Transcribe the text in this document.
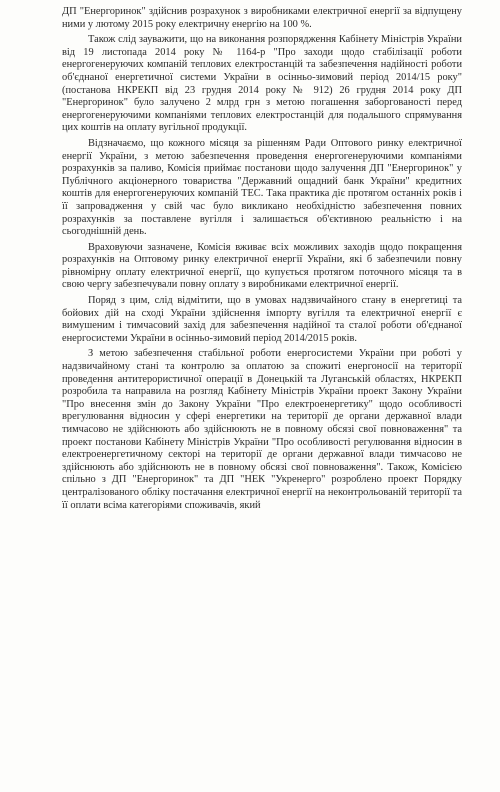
ДП "Енергоринок" здійснив розрахунок з виробниками електричної енергії за відпущену ними у лютому 2015 року електричну енергію на 100 %.

Також слід зауважити, що на виконання розпорядження Кабінету Міністрів України від 19 листопада 2014 року № 1164-р "Про заходи щодо стабілізації роботи енергогенеруючих компаній теплових електростанцій та забезпечення надійності роботи об'єднаної енергетичної системи України в осінньо-зимовий період 2014/15 року" (постанова НКРЕКП від 23 грудня 2014 року № 912) 26 грудня 2014 року ДП "Енергоринок" було залучено 2 млрд грн з метою погашення заборгованості перед енергогенеруючими компаніями теплових електростанцій для подальшого спрямування цих коштів на оплату вугільної продукції.

Відзначаємо, що кожного місяця за рішенням Ради Оптового ринку електричної енергії України, з метою забезпечення проведення енергогенеруючими компаніями розрахунків за паливо, Комісія приймає постанови щодо залучення ДП "Енергоринок" у Публічного акціонерного товариства "Державний ощадний банк України" кредитних коштів для енергогенеруючих компаній ТЕС. Така практика діє протягом останніх років і її запровадження у свій час було викликано необхідністю забезпечення повних розрахунків за поставлене вугілля і залишається об'єктивною реальністю і на сьогоднішній день.

Враховуючи зазначене, Комісія вживає всіх можливих заходів щодо покращення розрахунків на Оптовому ринку електричної енергії України, які б забезпечили повну рівномірну оплату електричної енергії, що купується протягом поточного місяця та в свою чергу забезпечували повну оплату з виробниками електричної енергії.

Поряд з цим, слід відмітити, що в умовах надзвичайного стану в енергетиці та бойових дій на сході України здійснення імпорту вугілля та електричної енергії є вимушеним і тимчасовий захід для забезпечення надійної та сталої роботи об'єднаної енергосистеми України в осінньо-зимовий період 2014/2015 років.

З метою забезпечення стабільної роботи енергосистеми України при роботі у надзвичайному стані та контролю за оплатою за спожиті енергоносії на території проведення антитерористичної операції в Донецькій та Луганській областях, НКРЕКП розробила та направила на розгляд Кабінету Міністрів України проект Закону України "Про внесення змін до Закону України "Про електроенергетику" щодо особливості врегулювання відносин у сфері енергетики на території де органи державної влади тимчасово не здійснюють або здійснюють не в повному обсязі свої повноваження" та проект постанови Кабінету Міністрів України "Про особливості регулювання відносин в електроенергетичному секторі на території де органи державної влади тимчасово не здійснюють або здійснюють не в повному обсязі свої повноваження". Також, Комісією спільно з ДП "Енергоринок" та ДП "НЕК "Укренерго" розроблено проект Порядку централізованого обліку постачання електричної енергії на неконтрольованій території та її оплати всіма категоріями споживачів, який
